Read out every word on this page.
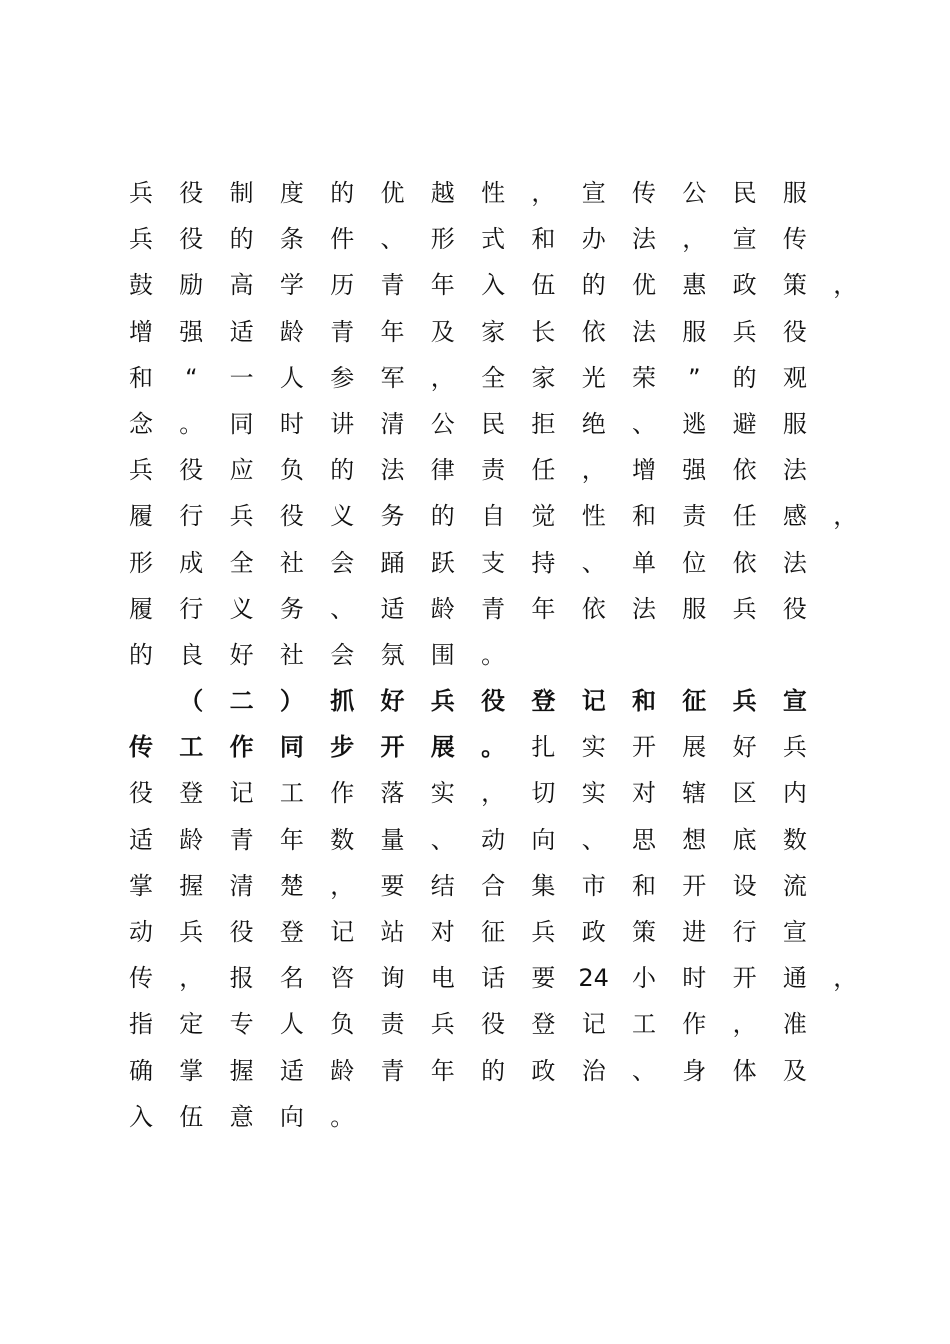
兵 役 制 度 的 优 越 性 ， 宣 传 公 民 服
兵 役 的 条 件 、 形 式 和 办 法 ， 宣 传
鼓 励 高 学 历 青 年 入 伍 的 优 惠 政 策 ，
增 强 适 龄 青 年 及 家 长 依 法 服 兵 役
和 “ 一 人 参 军 ， 全 家 光 荣 ” 的 观
念 。 同 时 讲 清 公 民 拒 绝 、 逃 避 服
兵 役 应 负 的 法 律 责 任 ， 增 强 依 法
履 行 兵 役 义 务 的 自 觉 性 和 责 任 感 ，
形 成 全 社 会 踊 跃 支 持 、 单 位 依 法
履 行 义 务 、 适 龄 青 年 依 法 服 兵 役
的 良 好 社 会 氛 围 。
（ 二 ） 抓 好 兵 役 登 记 和 征 兵 宣
传 工 作 同 步 开 展 。 扎 实 开 展 好 兵
役 登 记 工 作 落 实 ， 切 实 对 辖 区 内
适 龄 青 年 数 量 、 动 向 、 思 想 底 数
掌 握 清 楚 ， 要 结 合 集 市 和 开 设 流
动 兵 役 登 记 站 对 征 兵 政 策 进 行 宣
传 ， 报 名 咨 询 电 话 要 24 小 时 开 通 ，
指 定 专 人 负 责 兵 役 登 记 工 作 ， 准
确 掌 握 适 龄 青 年 的 政 治 、 身 体 及
入 伍 意 向 。
